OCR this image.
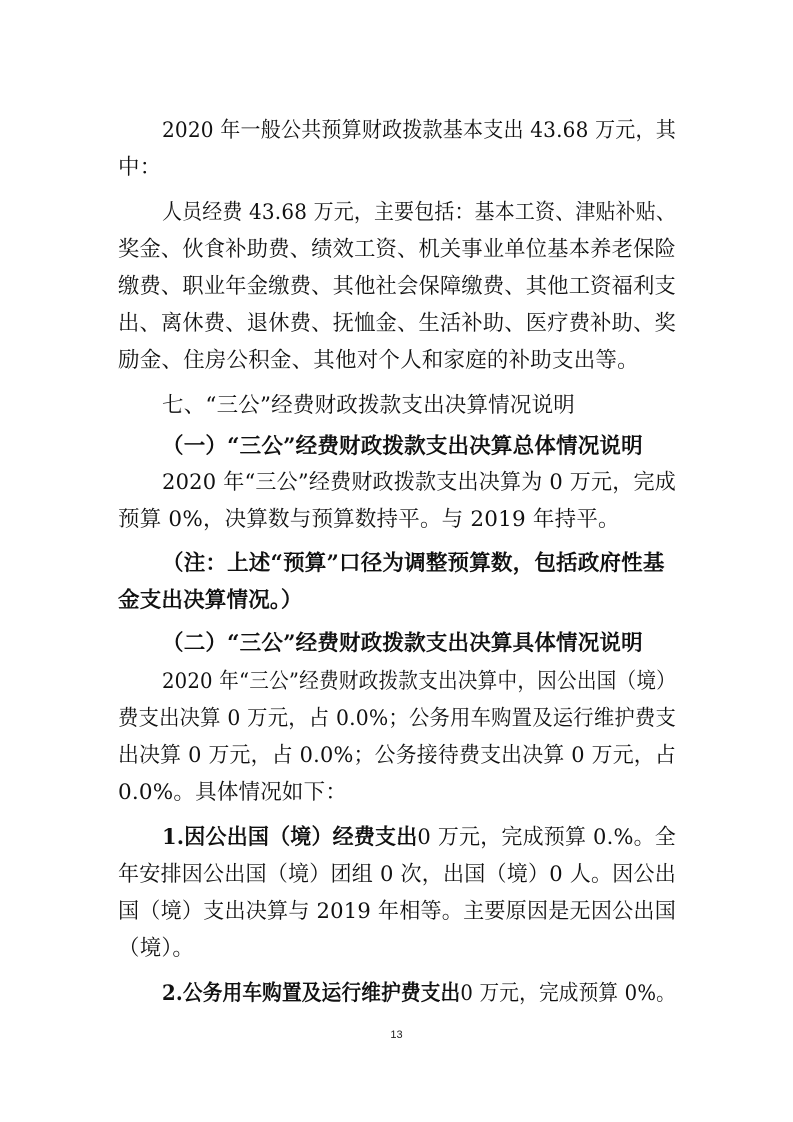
2020 年一般公共预算财政拨款基本支出 43.68 万元，其
中：
人员经费 43.68 万元，主要包括：基本工资、津贴补贴、
奖金、伙食补助费、绩效工资、机关事业单位基本养老保险
缴费、职业年金缴费、其他社会保障缴费、其他工资福利支
出、离休费、退休费、抚恤金、生活补助、医疗费补助、奖
励金、住房公积金、其他对个人和家庭的补助支出等。
七、“三公”经费财政拨款支出决算情况说明
（一）“三公”经费财政拨款支出决算总体情况说明
2020 年“三公”经费财政拨款支出决算为 0 万元，完成
预算 0%，决算数与预算数持平。与 2019 年持平。
（注：上述“预算”口径为调整预算数，包括政府性基
金支出决算情况。）
（二）“三公”经费财政拨款支出决算具体情况说明
2020 年“三公”经费财政拨款支出决算中，因公出国（境）
费支出决算 0 万元，占 0.0%；公务用车购置及运行维护费支
出决算 0 万元，占 0.0%；公务接待费支出决算 0 万元，占
0.0%。具体情况如下：
1.因公出国（境）经费支出0 万元，完成预算 0.%。全
年安排因公出国（境）团组 0 次，出国（境）0 人。因公出
国（境）支出决算与 2019 年相等。主要原因是无因公出国
（境）。
2.公务用车购置及运行维护费支出0 万元，完成预算 0%。
13
